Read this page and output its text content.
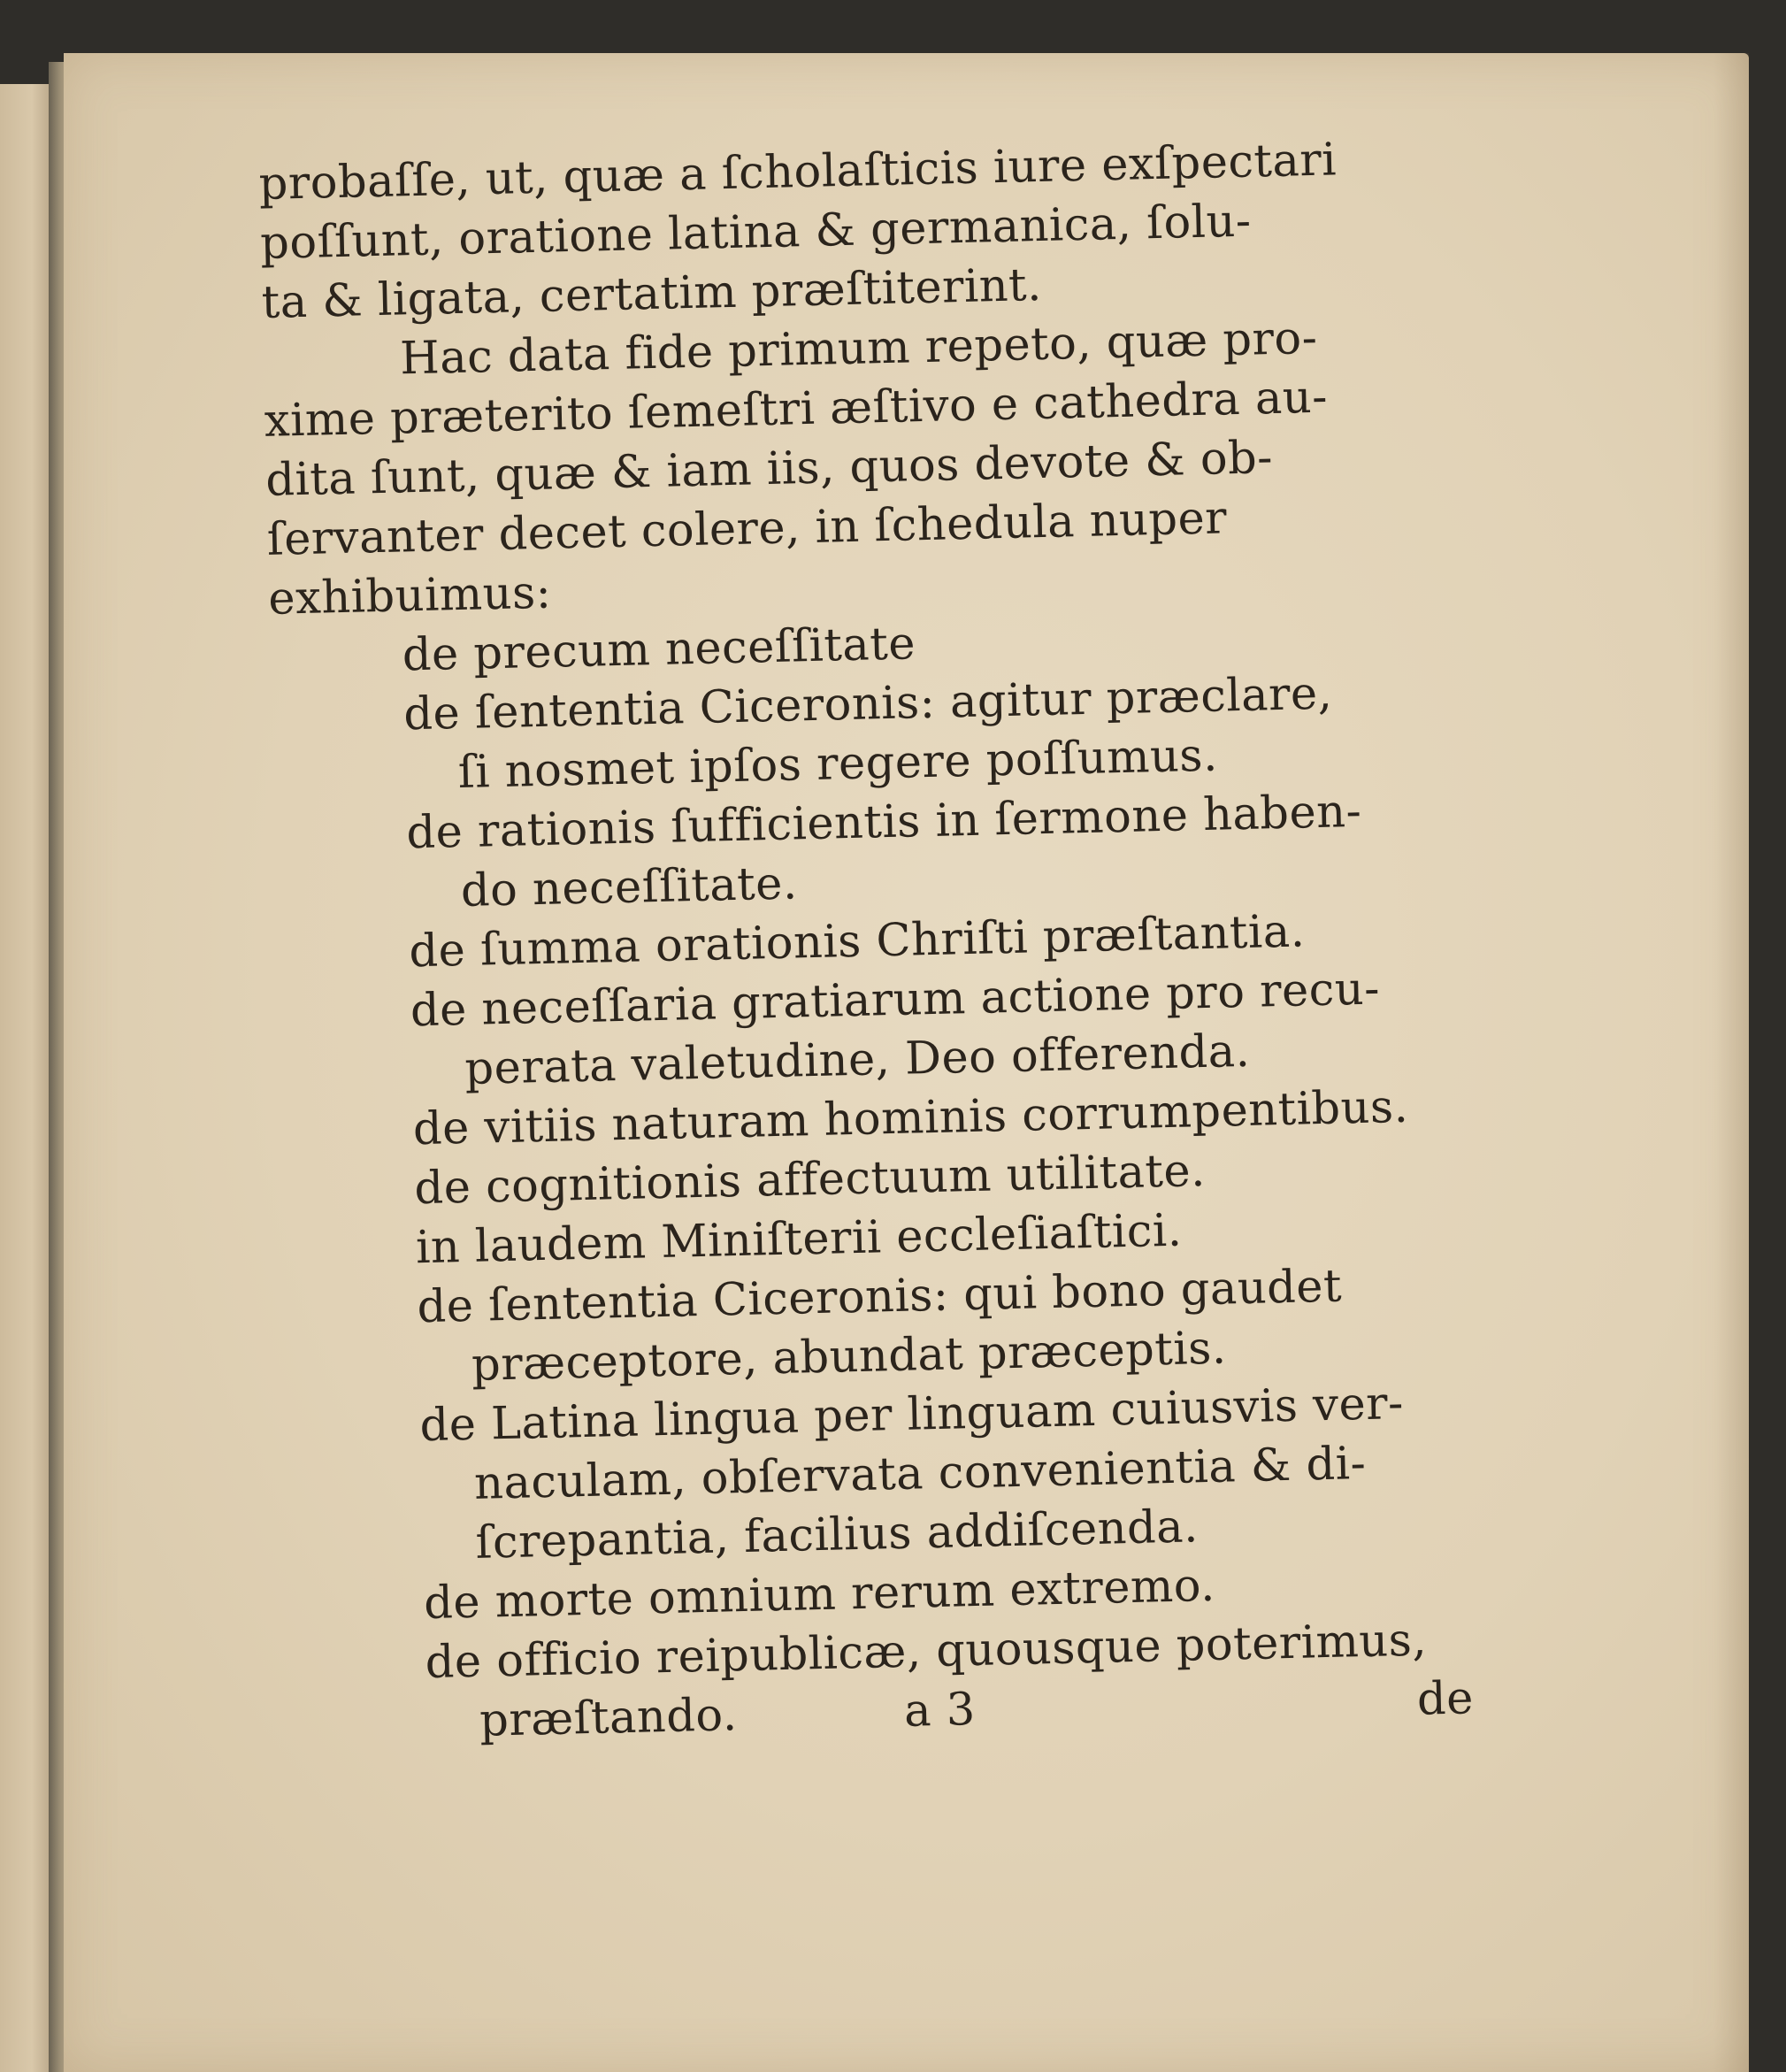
probaſſe, ut, quæ a ſcholaſticis iure exſpectari
poſſunt, oratione latina & germanica, ſolu-
ta & ligata, certatim præſtiterint.
Hac data fide primum repeto, quæ pro-
xime præterito ſemeſtri æſtivo e cathedra au-
dita ſunt, quæ & iam iis, quos devote & ob-
ſervanter decet colere, in ſchedula nuper
exhibuimus:
de precum neceſſitate
de ſententia Ciceronis: agitur præclare,
ſi nosmet ipſos regere poſſumus.
de rationis ſufficientis in ſermone haben-
do neceſſitate.
de ſumma orationis Chriſti præſtantia.
de neceſſaria gratiarum actione pro recu-
perata valetudine, Deo offerenda.
de vitiis naturam hominis corrumpentibus.
de cognitionis affectuum utilitate.
in laudem Miniſterii eccleſiaſtici.
de ſententia Ciceronis: qui bono gaudet
præceptore, abundat præceptis.
de Latina lingua per linguam cuiusvis ver-
naculam, obſervata convenientia & di-
ſcrepantia, facilius addiſcenda.
de morte omnium rerum extremo.
de officio reipublicæ, quousque poterimus,
præſtando.	a 3	de
